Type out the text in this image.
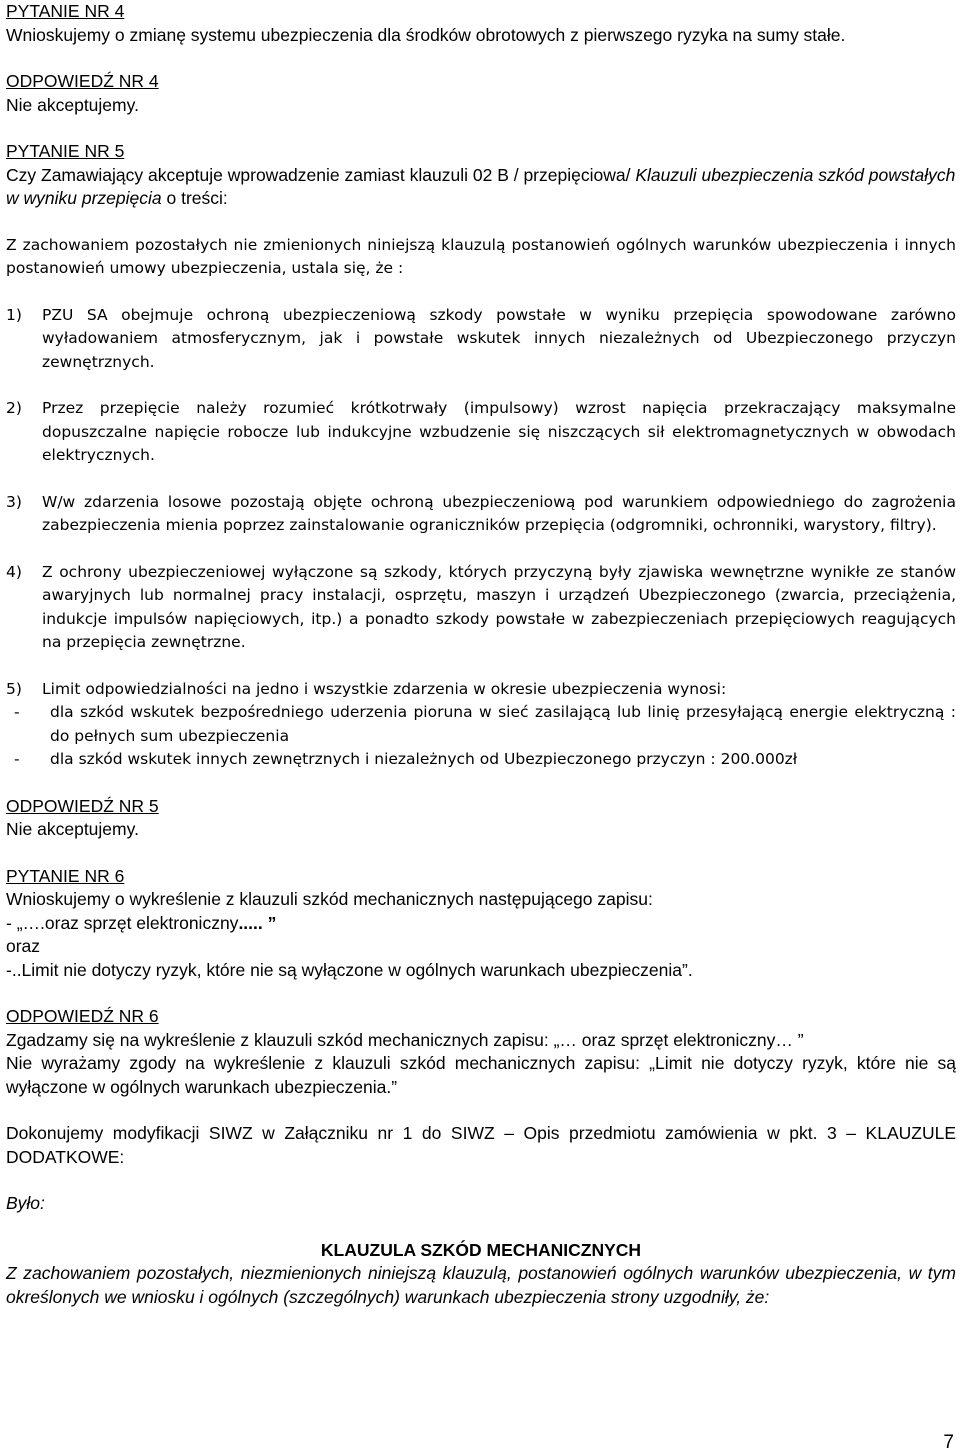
PYTANIE NR 4
Wnioskujemy o zmianę systemu ubezpieczenia dla środków obrotowych z pierwszego ryzyka na sumy stałe.
ODPOWIEDŹ NR 4
Nie akceptujemy.
PYTANIE NR 5
Czy Zamawiający akceptuje wprowadzenie zamiast klauzuli 02 B / przepięciowa/ Klauzuli ubezpieczenia szkód powstałych w wyniku przepięcia o treści:
Z zachowaniem pozostałych nie zmienionych niniejszą klauzulą postanowień ogólnych warunków ubezpieczenia i innych postanowień umowy ubezpieczenia, ustala się, że :
1)	PZU SA obejmuje ochroną ubezpieczeniową szkody powstałe w wyniku przepięcia spowodowane zarówno wyładowaniem atmosferycznym, jak i powstałe wskutek innych niezależnych od Ubezpieczonego przyczyn zewnętrznych.
2)	Przez przepięcie należy rozumieć krótkotrwały (impulsowy) wzrost napięcia przekraczający maksymalne dopuszczalne napięcie robocze lub indukcyjne wzbudzenie się niszczących sił elektromagnetycznych w obwodach elektrycznych.
3)	W/w zdarzenia losowe pozostają objęte ochroną ubezpieczeniową pod warunkiem odpowiedniego do zagrożenia zabezpieczenia mienia poprzez zainstalowanie ograniczników przepięcia (odgromniki, ochronniki, warystory, filtry).
4)	Z ochrony ubezpieczeniowej wyłączone są szkody, których przyczyną były zjawiska wewnętrzne wynikłe ze stanów awaryjnych lub normalnej pracy instalacji, osprzętu, maszyn i urządzeń Ubezpieczonego (zwarcia, przeciążenia, indukcje impulsów napięciowych, itp.) a ponadto szkody powstałe w zabezpieczeniach przepięciowych reagujących na przepięcia zewnętrzne.
5)	Limit odpowiedzialności na jedno i wszystkie zdarzenia w okresie ubezpieczenia wynosi:
-	dla szkód wskutek bezpośredniego uderzenia pioruna w sieć zasilającą lub linię przesyłającą energie elektryczną : do pełnych sum ubezpieczenia
-	dla szkód wskutek innych zewnętrznych i niezależnych od Ubezpieczonego przyczyn : 200.000zł
ODPOWIEDŹ NR 5
Nie akceptujemy.
PYTANIE NR 6
Wnioskujemy o wykreślenie z klauzuli szkód mechanicznych następującego zapisu:
- „….oraz sprzęt elektroniczny..... ”
oraz
-..Limit nie dotyczy ryzyk, które nie są wyłączone w ogólnych warunkach ubezpieczenia”.
ODPOWIEDŹ NR 6
Zgadzamy się na wykreślenie z klauzuli szkód mechanicznych zapisu: „… oraz sprzęt elektroniczny… ”
Nie wyrażamy zgody na wykreślenie z klauzuli szkód mechanicznych zapisu: „Limit nie dotyczy ryzyk, które nie są wyłączone w ogólnych warunkach ubezpieczenia.”
Dokonujemy modyfikacji SIWZ w Załączniku nr 1 do SIWZ – Opis przedmiotu zamówienia w pkt. 3 – KLAUZULE DODATKOWE:
Było:
KLAUZULA SZKÓD MECHANICZNYCH
Z zachowaniem pozostałych, niezmienionych niniejszą klauzulą, postanowień ogólnych warunków ubezpieczenia, w tym określonych we wniosku i ogólnych (szczególnych) warunkach ubezpieczenia strony uzgodniły, że:
7
